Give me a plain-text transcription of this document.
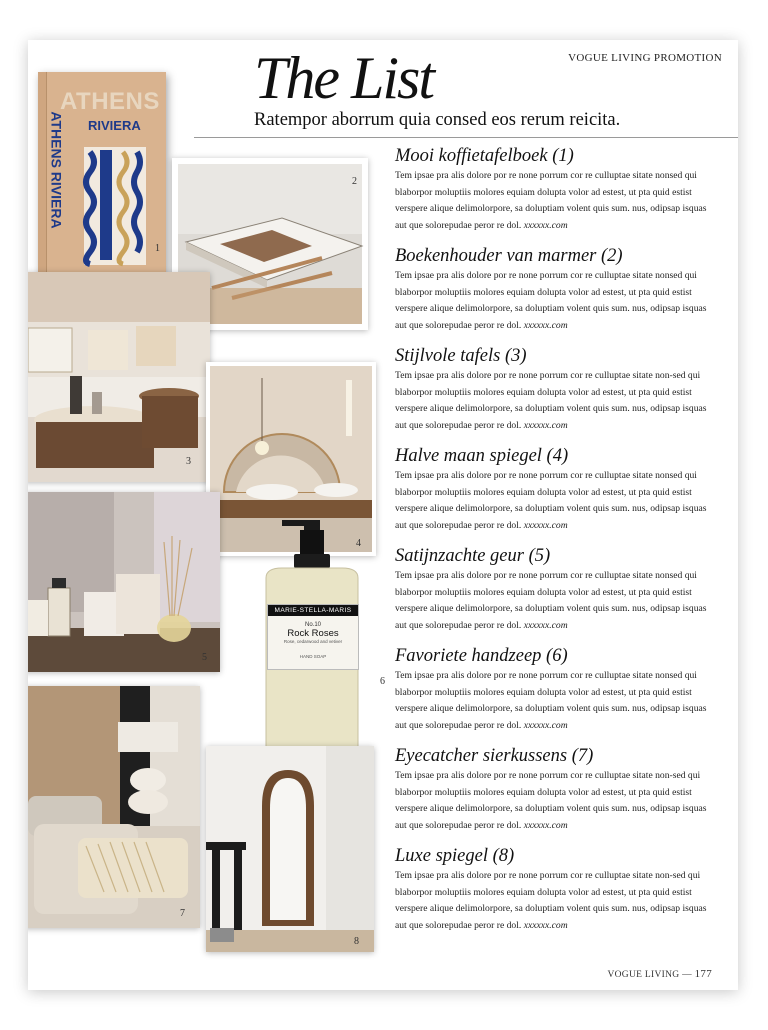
VOGUE LIVING PROMOTION
The List
Ratempor aborrum quia consed eos rerum reicita.
ATHENS
RIVIERA
ATHENS RIVIERA
1
2
3
4
5
MARIE-STELLA-MARIS
No.10
Rock Roses
Rose, cedarwood and vetiver
HAND SOAP
6
7
8
Mooi koffietafelboek (1)

Tem ipsae pra alis dolore por re none porrum cor re culluptae sitate nonsed qui blaborpor moluptiis molores equiam dolupta volor ad estest, ut pta quid estist verspere alique delimolorpore, sa doluptiam volent quis sum. nus, odipsap isquas aut que solorepudae peror re dol. xxxxxx.com

Boekenhouder van marmer (2)

Tem ipsae pra alis dolore por re none porrum cor re culluptae sitate nonsed qui blaborpor moluptiis molores equiam dolupta volor ad estest, ut pta quid estist verspere alique delimolorpore, sa doluptiam volent quis sum. nus, odipsap isquas aut que solorepudae peror re dol. xxxxxx.com

Stijlvole tafels (3)

Tem ipsae pra alis dolore por re none porrum cor re culluptae sitate non-sed qui blaborpor moluptiis molores equiam dolupta volor ad estest, ut pta quid estist verspere alique delimolorpore, sa doluptiam volent quis sum. nus, odipsap isquas aut que solorepudae peror re dol. xxxxxx.com

Halve maan spiegel (4)

Tem ipsae pra alis dolore por re none porrum cor re culluptae sitate nonsed qui blaborpor moluptiis molores equiam dolupta volor ad estest, ut pta quid estist verspere alique delimolorpore, sa doluptiam volent quis sum. nus, odipsap isquas aut que solorepudae peror re dol. xxxxxx.com

Satijnzachte geur (5)

Tem ipsae pra alis dolore por re none porrum cor re culluptae sitate nonsed qui blaborpor moluptiis molores equiam dolupta volor ad estest, ut pta quid estist verspere alique delimolorpore, sa doluptiam volent quis sum. nus, odipsap isquas aut que solorepudae peror re dol. xxxxxx.com

Favoriete handzeep (6)

Tem ipsae pra alis dolore por re none porrum cor re culluptae sitate nonsed qui blaborpor moluptiis molores equiam dolupta volor ad estest, ut pta quid estist verspere alique delimolorpore, sa doluptiam volent quis sum. nus, odipsap isquas aut que solorepudae peror re dol. xxxxxx.com

Eyecatcher sierkussens (7)

Tem ipsae pra alis dolore por re none porrum cor re culluptae sitate non-sed qui blaborpor moluptiis molores equiam dolupta volor ad estest, ut pta quid estist verspere alique delimolorpore, sa doluptiam volent quis sum. nus, odipsap isquas aut que solorepudae peror re dol. xxxxxx.com

Luxe spiegel (8)

Tem ipsae pra alis dolore por re none porrum cor re culluptae sitate non-sed qui blaborpor moluptiis molores equiam dolupta volor ad estest, ut pta quid estist verspere alique delimolorpore, sa doluptiam volent quis sum. nus, odipsap isquas aut que solorepudae peror re dol. xxxxxx.com

VOGUE LIVING — 177
